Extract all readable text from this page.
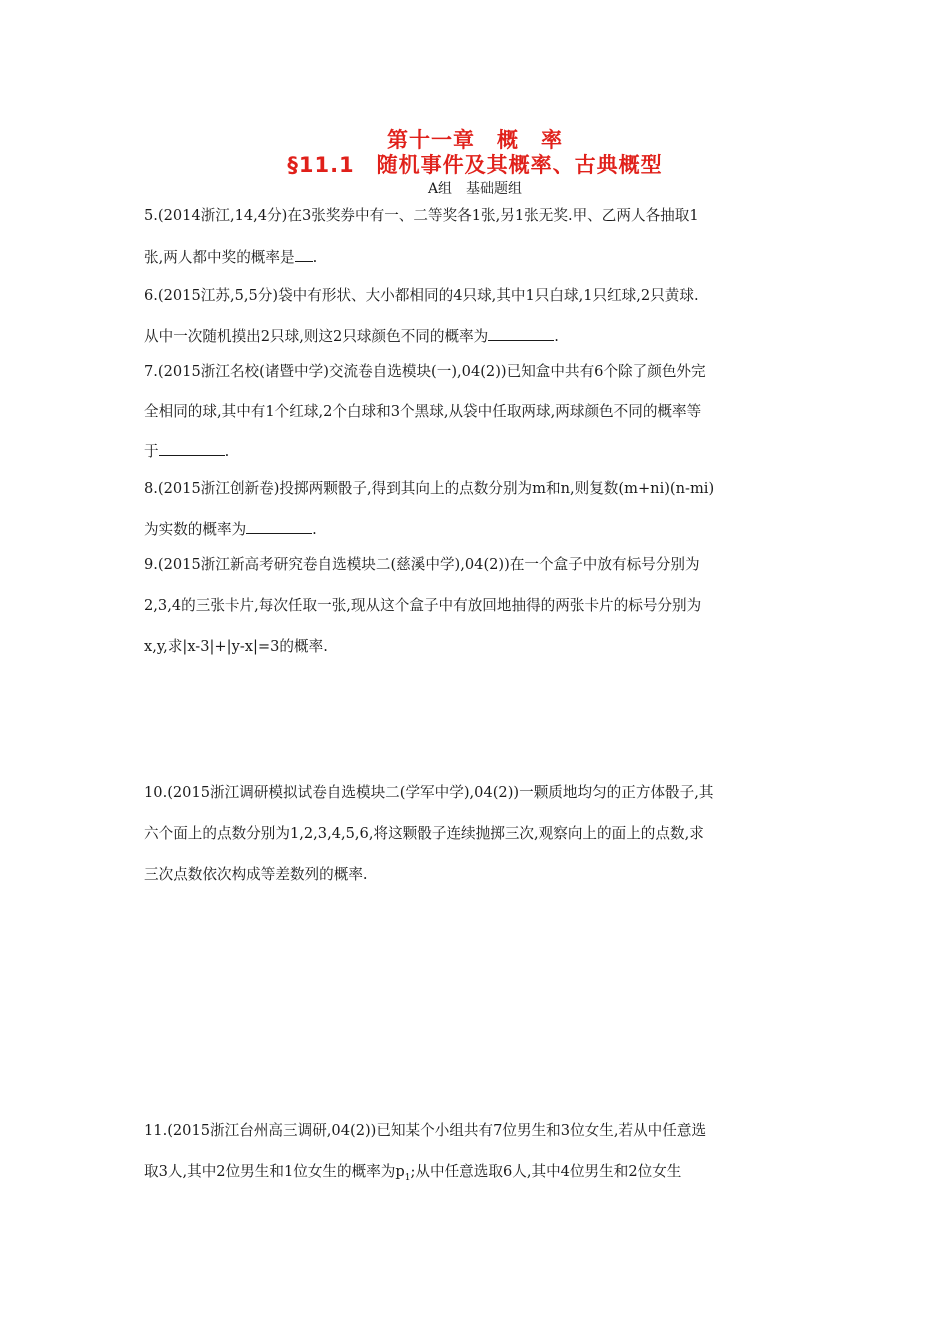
第十一章　概　率
§11.1　随机事件及其概率、古典概型
A组　基础题组
5.(2014浙江,14,4分)在3张奖券中有一、二等奖各1张,另1张无奖.甲、乙两人各抽取1
张,两人都中奖的概率是 .
6.(2015江苏,5,5分)袋中有形状、大小都相同的4只球,其中1只白球,1只红球,2只黄球.
从中一次随机摸出2只球,则这2只球颜色不同的概率为	.
7.(2015浙江名校(诸暨中学)交流卷自选模块(一),04(2))已知盒中共有6个除了颜色外完
全相同的球,其中有1个红球,2个白球和3个黑球,从袋中任取两球,两球颜色不同的概率等
于	.
8.(2015浙江创新卷)投掷两颗骰子,得到其向上的点数分别为m和n,则复数(m+ni)(n-mi)
为实数的概率为	.
9.(2015浙江新高考研究卷自选模块二(慈溪中学),04(2))在一个盒子中放有标号分别为
2,3,4的三张卡片,每次任取一张,现从这个盒子中有放回地抽得的两张卡片的标号分别为
x,y,求|x-3|+|y-x|=3的概率.
10.(2015浙江调研模拟试卷自选模块二(学军中学),04(2))一颗质地均匀的正方体骰子,其
六个面上的点数分别为1,2,3,4,5,6,将这颗骰子连续抛掷三次,观察向上的面上的点数,求
三次点数依次构成等差数列的概率.
11.(2015浙江台州高三调研,04(2))已知某个小组共有7位男生和3位女生,若从中任意选
取3人,其中2位男生和1位女生的概率为$p_1$;从中任意选取6人,其中4位男生和2位女生
